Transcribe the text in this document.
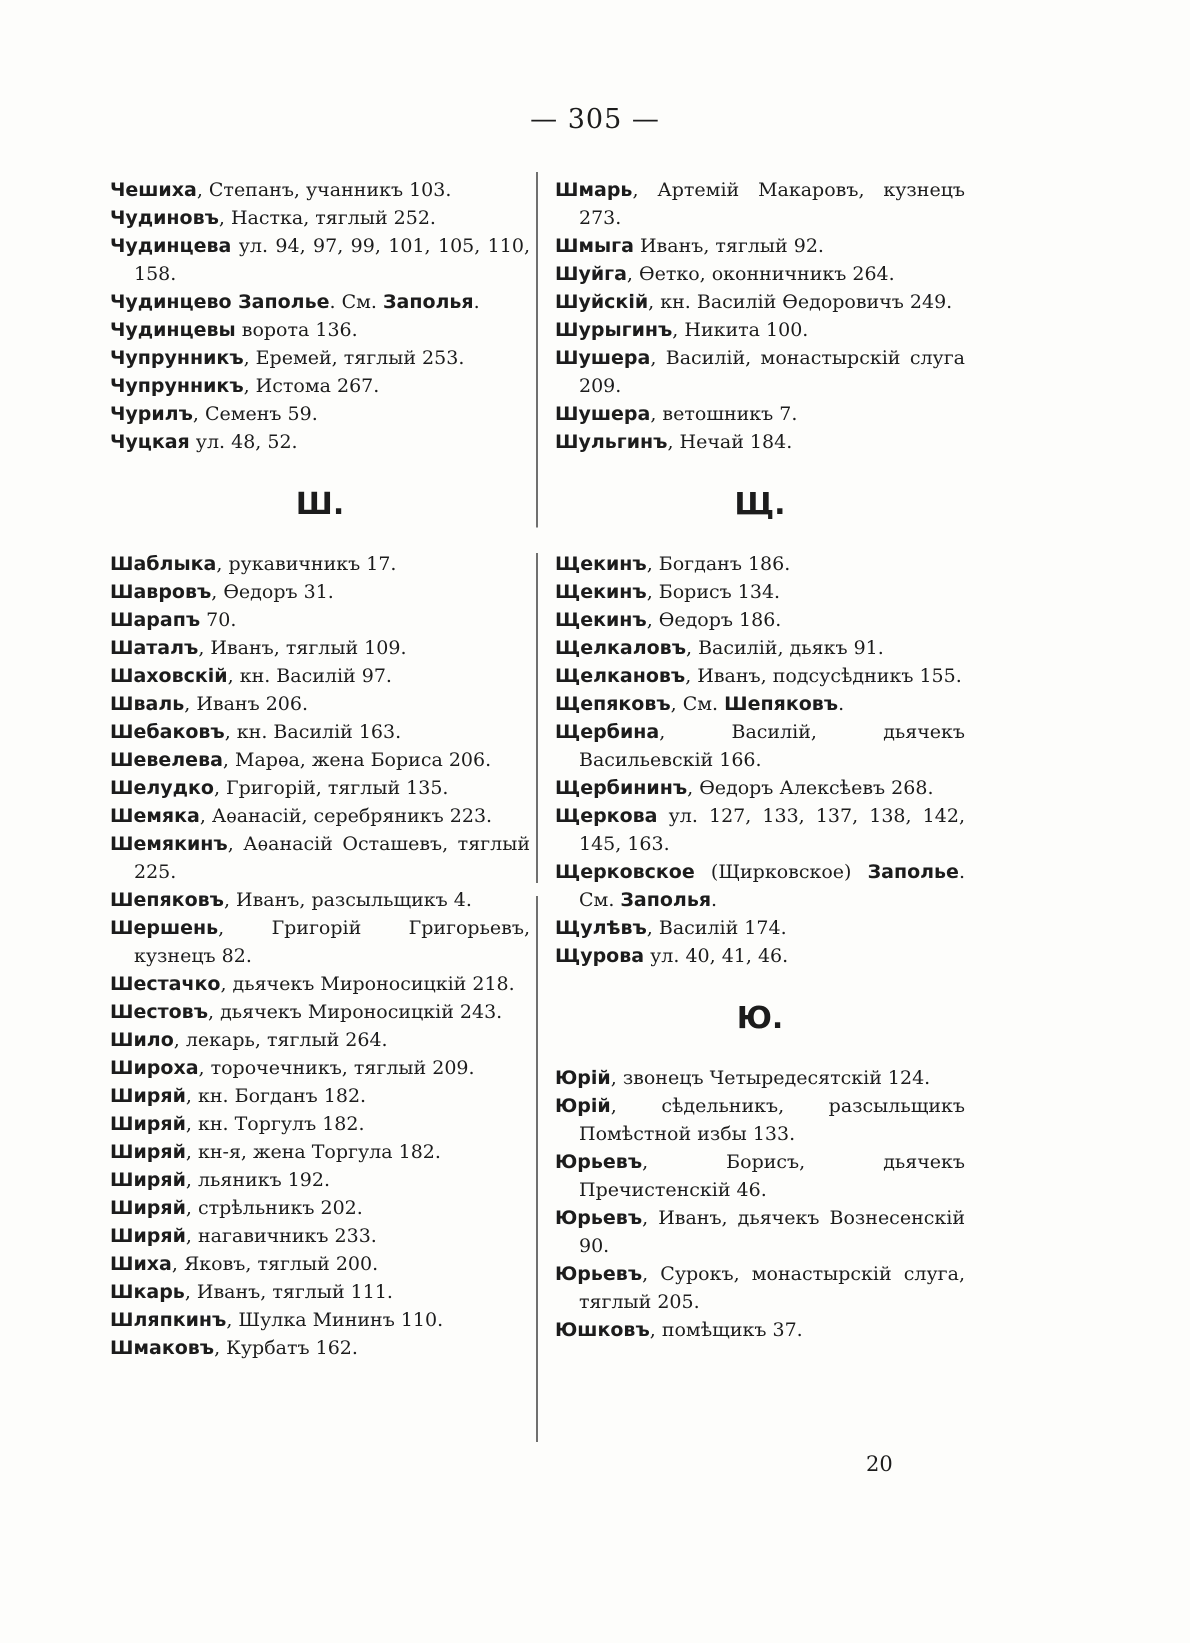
— 305 —
Чешиха, Степанъ, учанникъ 103.
Чудиновъ, Настка, тяглый 252.
Чудинцева ул. 94, 97, 99, 101, 105, 110, 158.
Чудинцево Заполье. См. Заполья.
Чудинцевы ворота 136.
Чупрунникъ, Еремей, тяглый 253.
Чупрунникъ, Истома 267.
Чурилъ, Семенъ 59.
Чуцкая ул. 48, 52.
Ш.
Шаблыка, рукавичникъ 17.
Шавровъ, Ѳедоръ 31.
Шарапъ 70.
Шаталъ, Иванъ, тяглый 109.
Шаховскій, кн. Василій 97.
Шваль, Иванъ 206.
Шебаковъ, кн. Василій 163.
Шевелева, Марѳа, жена Бориса 206.
Шелудко, Григорій, тяглый 135.
Шемяка, Аѳанасій, серебряникъ 223.
Шемякинъ, Аѳанасій Осташевъ, тяглый 225.
Шепяковъ, Иванъ, разсыльщикъ 4.
Шершень, Григорій Григорьевъ, кузнецъ 82.
Шестачко, дьячекъ Мироносицкій 218.
Шестовъ, дьячекъ Мироносицкій 243.
Шило, лекарь, тяглый 264.
Широха, торочечникъ, тяглый 209.
Ширяй, кн. Богданъ 182.
Ширяй, кн. Торгулъ 182.
Ширяй, кн-я, жена Торгула 182.
Ширяй, льяникъ 192.
Ширяй, стрѣльникъ 202.
Ширяй, нагавичникъ 233.
Шиха, Яковъ, тяглый 200.
Шкарь, Иванъ, тяглый 111.
Шляпкинъ, Шулка Мининъ 110.
Шмаковъ, Курбатъ 162.
Шмарь, Артемій Макаровъ, кузнецъ 273.
Шмыга Иванъ, тяглый 92.
Шуйга, Ѳетко, оконничникъ 264.
Шуйскій, кн. Василій Ѳедоровичъ 249.
Шурыгинъ, Никита 100.
Шушера, Василій, монастырскій слуга 209.
Шушера, ветошникъ 7.
Шульгинъ, Нечай 184.
Щ.
Щекинъ, Богданъ 186.
Щекинъ, Борисъ 134.
Щекинъ, Ѳедоръ 186.
Щелкаловъ, Василій, дьякъ 91.
Щелкановъ, Иванъ, подсусѣдникъ 155.
Щепяковъ, См. Шепяковъ.
Щербина, Василій, дьячекъ Васильевскій 166.
Щербининъ, Ѳедоръ Алексѣевъ 268.
Щеркова ул. 127, 133, 137, 138, 142, 145, 163.
Щерковское (Щирковское) Заполье. См. Заполья.
Щулѣвъ, Василій 174.
Щурова ул. 40, 41, 46.
Ю.
Юрій, звонецъ Четыредесятскій 124.
Юрій, сѣдельникъ, разсыльщикъ Помѣстной избы 133.
Юрьевъ, Борисъ, дьячекъ Пречистенскій 46.
Юрьевъ, Иванъ, дьячекъ Вознесенскій 90.
Юрьевъ, Сурокъ, монастырскій слуга, тяглый 205.
Юшковъ, помѣщикъ 37.
20
